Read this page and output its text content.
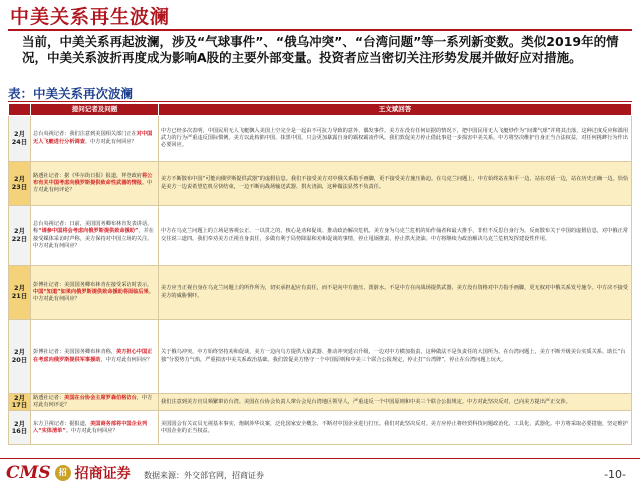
中美关系再生波澜
当前，中美关系再起波澜，涉及“气球事件”、“俄乌冲突”、“台湾问题”等一系列新变数。类似2019年的情况，中美关系波折再度成为影响A股的主要外部变量。投资者应当密切关注形势发展并做好应对措施。
表：中美关系再次波澜
	提问记者及问题	王文斌回答
2月24日	总台央视记者：我们注意到美国相关部门正在对中国无人飞艇进行分析调查。中方对此有何回应？	中方已经多次表明，中国民用无人飞艇飘入美国上空完全是一起由不可抗力导致的意外、偶发事件。美方在没有任何证据的情况下，把中国民用无人飞艇炒作为“间谍气球”并将其击落，这种过度反应和滥用武力的行为严重违反国际惯例。美方以此构陷中国、抹黑中国，只会更加暴露自身的霸权霸凌作风。我们敦促美方停止借此事进一步损害中美关系。中方将坚决维护自身正当合法权益，对任何挑衅行为作出必要回应。
2月23日	路透社记者：据《华尔街日报》报道，拜登政府将公布有关中国考虑向俄罗斯提供致命性武器的情报。中方对此有何评论？	美方不断散布中国“可能向俄罗斯提供武器”的虚假信息。我们不接受美方对中俄关系指手画脚，更不接受美方施压胁迫。在乌克兰问题上，中方始终站在和平一边、站在对话一边，站在历史正确一边。恰恰是美方一边说希望危机尽快结束，一边不断向战场输送武器、拱火浇油，这种做法显然不负责任。
2月22日	总台央视记者：日前，美国国务卿布林肯发表讲话，称“请参中国将会考虑向俄罗斯提供致命援助”，并在接受媒体采访时声称，美方保持对中国立场的关注。中方对此有何回应？	中方在乌克兰问题上的立场是客观公正、一以贯之的，核心是劝和促谈、推动政治解决危机。美方身为乌克兰危机的始作俑者和最大推手，非但不反思自身行为，反而散布关于中国的虚假信息，对中俄正常交往说三道四。我们奉劝美方正视自身责任，多做有利于局势降温和劝和促谈的事情，停止甩锅推责、停止拱火浇油。中方将继续为政治解决乌克兰危机发挥建设性作用。
2月21日	彭博社记者：美国国务卿布林肯在接受采访时表示，中国“知道”如果向俄罗斯提供致命援助将面临后果。中方对此有何回应？	美方应当正视自身在乌克兰问题上的所作所为，切实承担起应有责任，而不是向中方施压、泼脏水。不是中方在向战场提供武器，美方没有资格对中方指手画脚，更无权对中俄关系发号施令。中方决不接受美方的威胁恫吓。
2月20日	彭博社记者：美国国务卿布林肯称，美方担心中国正在考虑向俄罗斯提供军事援助，中方对此有何回应？	关于俄乌冲突，中方始终坚持劝和促谈，美方一边向乌方提供大量武器、推动冲突延宕升级，一边对中方横加指责，这种做法不是负责任的大国所为。在台湾问题上，美方不断升级美台实质关系、助长“台独”分裂势力气焰，严重损害中美关系政治基础。我们敦促美方恪守一个中国原则和中美三个联合公报规定，停止打“台湾牌”，停止在台湾问题上玩火。
2月17日	路透社记者：美国在台协会主席罗森伯格访台，中方对此有何评论？	我们注意到美方官员频繁窜访台湾。美国在台协会负责人窜台会见台湾地区领导人，严重违反一个中国原则和中美三个联合公报规定。中方对此坚决反对，已向美方提出严正交涉。
2月16日	东方卫视记者：据报道，美国商务部将中国企业列入“实体清单”。中方对此有何回应？	美国国会有关议员无视基本事实，炮制涉华议案，泛化国家安全概念，不断对中国企业进行打压。我们对此坚决反对。美方应停止将经贸科技问题政治化、工具化、武器化。中方将采取必要措施，坚定维护中国企业的正当权益。
CMS	招 招商证券 数据来源：外交部官网，招商证券	-10-
